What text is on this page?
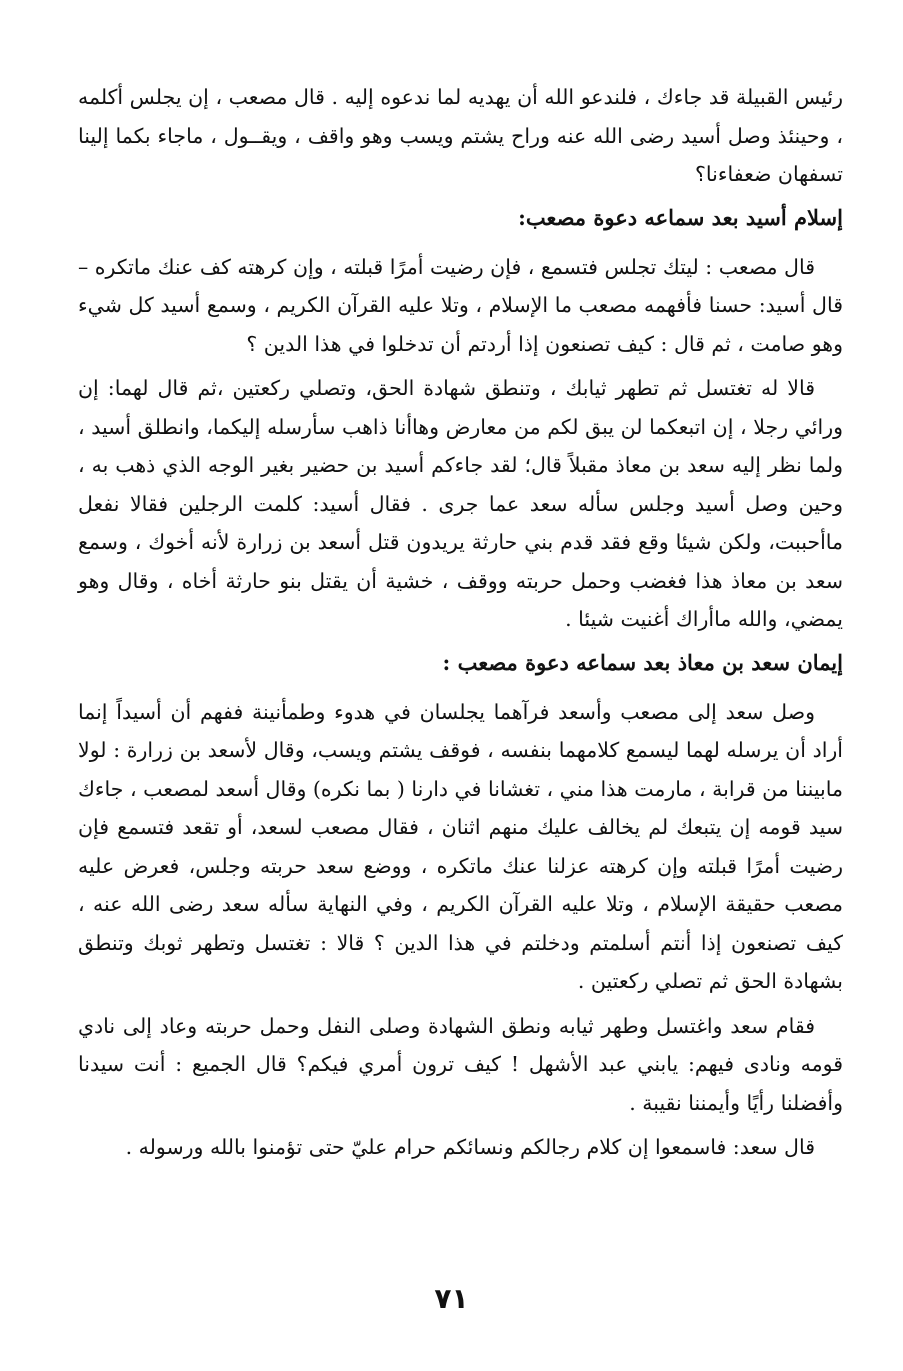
رئيس القبيلة قد جاءك ، فلندعو الله أن يهديه لما ندعوه إليه . قال مصعب ، إن يجلس أكلمه ، وحينئذ وصل أسيد رضى الله عنه وراح يشتم ويسب وهو واقف ، ويقــول ، ماجاء بكما إلينا تسفهان ضعفاءنا؟

إسلام أسيد بعد سماعه دعوة مصعب:

قال مصعب : ليتك تجلس فتسمع ، فإن رضيت أمرًا قبلته ، وإن كرهته كف عنك ماتكره – قال أسيد: حسنا فأفهمه مصعب ما الإسلام ، وتلا عليه القرآن الكريم ، وسمع أسيد كل شيء وهو صامت ، ثم قال : كيف تصنعون إذا أردتم أن تدخلوا في هذا الدين ؟

قالا له تغتسل ثم تطهر ثيابك ، وتنطق شهادة الحق، وتصلي ركعتين ،ثم قال لهما: إن ورائي رجلا ، إن اتبعكما لن يبق لكم من معارض وهاأنا ذاهب سأرسله إليكما، وانطلق أسيد ، ولما نظر إليه سعد بن معاذ مقبلاً قال؛ لقد جاءكم أسيد بن حضير بغير الوجه الذي ذهب به ، وحين وصل أسيد وجلس سأله سعد عما جرى . فقال أسيد: كلمت الرجلين فقالا نفعل ماأحببت، ولكن شيئا وقع فقد قدم بني حارثة يريدون قتل أسعد بن زرارة لأنه أخوك ، وسمع سعد بن معاذ هذا فغضب وحمل حربته ووقف ، خشية أن يقتل بنو حارثة أخاه ، وقال وهو يمضي، والله ماأراك أغنيت شيئا .

إيمان سعد بن معاذ بعد سماعه دعوة مصعب :

وصل سعد إلى مصعب وأسعد فرآهما يجلسان في هدوء وطمأنينة ففهم أن أسيداً إنما أراد أن يرسله لهما ليسمع كلامهما بنفسه ، فوقف يشتم ويسب، وقال لأسعد بن زرارة : لولا مابيننا من قرابة ، مارمت هذا مني ، تغشانا في دارنا ( بما نكره) وقال أسعد لمصعب ، جاءك سيد قومه إن يتبعك لم يخالف عليك منهم اثنان ، فقال مصعب لسعد، أو تقعد فتسمع فإن رضيت أمرًا قبلته وإن كرهته عزلنا عنك ماتكره ، ووضع سعد حربته وجلس، فعرض عليه مصعب حقيقة الإسلام ، وتلا عليه القرآن الكريم ، وفي النهاية سأله سعد رضى الله عنه ، كيف تصنعون إذا أنتم أسلمتم ودخلتم في هذا الدين ؟ قالا : تغتسل وتطهر ثوبك وتنطق بشهادة الحق ثم تصلي ركعتين .

فقام سعد واغتسل وطهر ثيابه ونطق الشهادة وصلى النفل وحمل حربته وعاد إلى نادي قومه ونادى فيهم: يابني عبد الأشهل ! كيف ترون أمري فيكم؟ قال الجميع : أنت سيدنا وأفضلنا رأيًا وأيمننا نقيبة .

قال سعد: فاسمعوا إن كلام رجالكم ونسائكم حرام عليّ حتى تؤمنوا بالله ورسوله .

٧١
